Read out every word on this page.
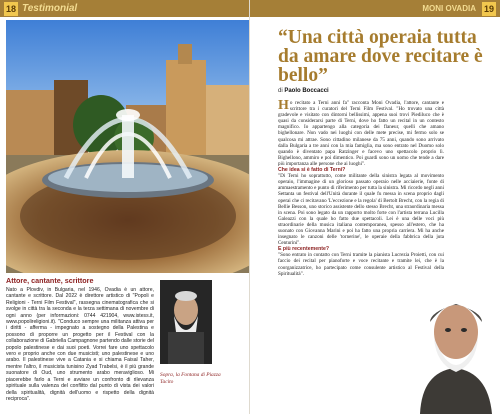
18 Testimonial
Attore, cantante, scrittore
Nato a Plovdiv, in Bulgaria, nel 1946, Ovadia è un attore, cantante e scrittore. Dal 2022 è direttore artistico di "Popoli e Religioni - Terni Film Festival", rassegna cinematografica che si svolge in città tra la seconda e la terza settimana di novembre di ogni anno (per informazioni: 0744 421904, www.istess.it, www.popolireligioni.it). "Conduco sempre una militanza attiva per i diritti - afferma - impegnato a sostegno della Palestina e possono di proporre un progetto per il Festival con la collaborazione di Gabriella Campagnone partendo dalle storie del popolo palestinese e dai suoi poeti. Vorrei fare uno spettacolo vero e proprio anche con due musicisti; uno palestinese e uno arabo. Il palestinese vive a Catania e si chiama Faisal Taher, mentre l'altro, il musicista tunisino Zyad Trabelsi, è il più grande suonatore di Oud, uno strumento arabo meraviglioso. Mi piacerebbe farlo a Terni e avviare un confronto di rilevanza spirituale sulla valenza del conflitto dal punto di vista dei valori della spiritualità, dignità dell'uomo e rispetto della dignità reciproca".
Sopra, la Fontana di Piazza Tacito
MONI OVADIA 19
“Una città operaia tutta da amare dove recitare è bello”
di Paolo Boccacci

Ho recitato a Terni anni fa" racconta Moni Ovadia, l'attore, cantante e scrittore tra i curatori del Terni Film Festival. "Ho trovato una città gradevole e visitato con dintorni bellissimi, appena suoi trovi Piediluco che è quasi da considerarsi parte di Terni, dove ho fatto un recital in un contesto magnifico. Io appartengo alla categoria dei flaneur, quelli che amano bighellonare. Non vado nei luoghi con delle mete precise, mi fermo solo se qualcosa mi attrae. Sono cittadino milanese da 75 anni, quando sono arrivato dalla Bulgaria a tre anni con la mia famiglia, ma sono entrato nel Duomo solo quando è diventato papa Ratzinger e facevo uno spettacolo proprio lì. Bighellono, ammiro e poi dimentico. Poi guardi sono un uomo che tende a dare più importanza alle persone che ai luoghi".

Che idea si è fatto di Terni?

"Di Terni ho soprattutto, come militante della sinistra legata al movimento operaio, l'immagine di un glorioso passato operaio nelle acciaierie, fonte di ammaestramento e punto di riferimento per tutta la sinistra. Mi ricordo negli anni Settanta un festival dell'Unità durante il quale fu messa in scena proprio dagli operai che ci recitavano 'L'eccezione e la regola' di Bertolt Brecht, con la regia di Bellie Besson, uno storico assistente dello stesso Brecht, una straordinaria messa in scena. Poi sono legato da un rapporto molto forte con l'artista terrana Lucilla Galeazzi con la quale ho fatto due spettacoli. Lei è una delle voci più straordinarie della musica italiana contemporanea, spesso all'estero, che ha suonato con Giovanna Marini e poi ha fatto una propria carriera. Mi ha anche insegnato le canzoni delle 'tornerine', le operaie della fabbrica della juta Centurini".

E più recentemente?

"Sono entrato in contatto con Terni tramite la pianista Lucrezia Proietti, con cui faccio dei recital per pianoforte e voce recitante e tramite lei, che è la coorganizzatrice, ho partecipato come consulente artistico al Festival della Spiritualità".
